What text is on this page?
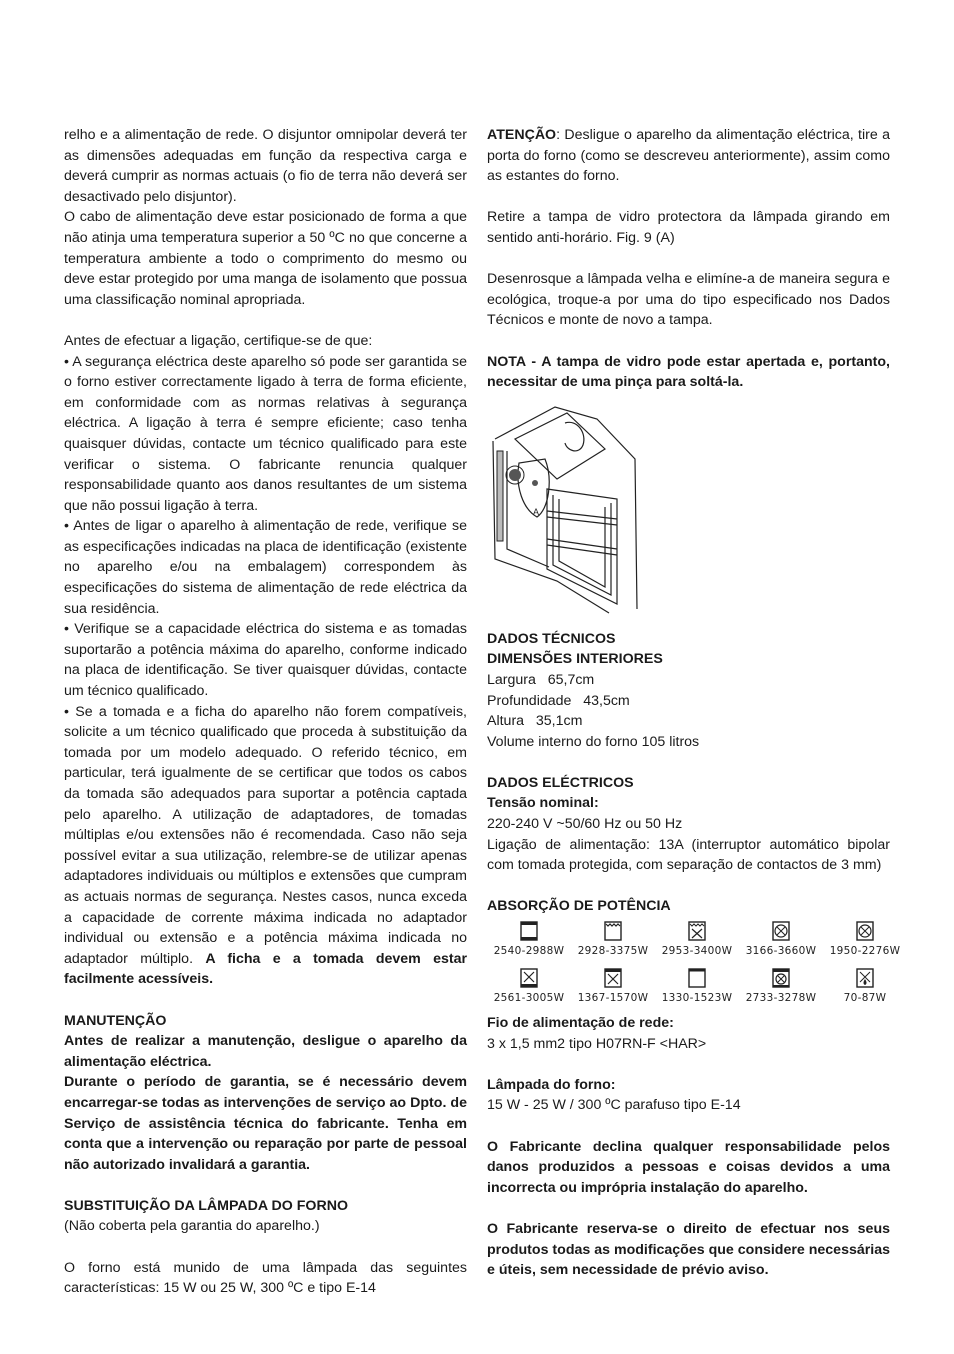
relho e a alimentação de rede. O disjuntor omnipolar deverá ter as dimensões adequadas em função da respectiva carga e deverá cumprir as normas actuais (o fio de terra não deverá ser desactivado pelo disjuntor).

O cabo de alimentação deve estar posicionado de forma a que não atinja uma temperatura superior a 50 ºC no que concerne a temperatura ambiente a todo o comprimento do mesmo ou deve estar protegido por uma manga de isolamento que possua uma classificação nominal apropriada.

Antes de efectuar a ligação, certifique-se de que:

• A segurança eléctrica deste aparelho só pode ser garantida se o forno estiver correctamente ligado à terra de forma eficiente, em conformidade com as normas relativas à segurança eléctrica. A ligação à terra é sempre eficiente; caso tenha quaisquer dúvidas, contacte um técnico qualificado para este verificar o sistema. O fabricante renuncia qualquer responsabilidade quanto aos danos resultantes de um sistema que não possui ligação à terra.

• Antes de ligar o aparelho à alimentação de rede, verifique se as especificações indicadas na placa de identificação (existente no aparelho e/ou na embalagem) correspondem às especificações do sistema de alimentação de rede eléctrica da sua residência.

• Verifique se a capacidade eléctrica do sistema e as tomadas suportarão a potência máxima do aparelho, conforme indicado na placa de identificação. Se tiver quaisquer dúvidas, contacte um técnico qualificado.

• Se a tomada e a ficha do aparelho não forem compatíveis, solicite a um técnico qualificado que proceda à substituição da tomada por um modelo adequado. O referido técnico, em particular, terá igualmente de se certificar que todos os cabos da tomada são adequados para suportar a potência captada pelo aparelho. A utilização de adaptadores, de tomadas múltiplas e/ou extensões não é recomendada. Caso não seja possível evitar a sua utilização, relembre-se de utilizar apenas adaptadores individuais ou múltiplos e extensões que cumpram as actuais normas de segurança. Nestes casos, nunca exceda a capacidade de corrente máxima indicada no adaptador individual ou extensão e a potência máxima indicada no adaptador múltiplo. A ficha e a tomada devem estar facilmente acessíveis.

MANUTENÇÃO

Antes de realizar a manutenção, desligue o aparelho da alimentação eléctrica.

Durante o período de garantia, se é necessário devem encarregar-se todas as intervenções de serviço ao Dpto. de Serviço de assistência técnica do fabricante. Tenha em conta que a intervenção ou reparação por parte de pessoal não autorizado invalidará a garantia.

SUBSTITUIÇÃO DA LÂMPADA DO FORNO

(Não coberta pela garantia do aparelho.)

O forno está munido de uma lâmpada das seguintes características: 15 W ou 25 W, 300 ºC e tipo E-14

ATENÇÃO: Desligue o aparelho da alimentação eléctrica, tire a porta do forno (como se descreveu anteriormente), assim como as estantes do forno.

Retire a tampa de vidro protectora da lâmpada girando em sentido anti-horário. Fig. 9 (A)

Desenrosque a lâmpada velha e elimíne-a de maneira segura e ecológica, troque-a por uma do tipo especificado nos Dados Técnicos e monte de novo a tampa.

NOTA - A tampa de vidro pode estar apertada e, portanto, necessitar de uma pinça para soltá-la.

A

DADOS TÉCNICOS

DIMENSÕES INTERIORES

Largura   65,7cm

Profundidade   43,5cm

Altura   35,1cm

Volume interno do forno 105 litros

DADOS ELÉCTRICOS

Tensão nominal:

220-240 V ~50/60 Hz ou 50 Hz

Ligação de alimentação: 13A (interruptor automático bipolar com tomada protegida, com separação de contactos de 3 mm)

ABSORÇÃO DE POTÊNCIA

2540-2988W	2928-3375W	2953-3400W	3166-3660W	1950-2276W
2561-3005W	1367-1570W	1330-1523W	2733-3278W	70-87W

Fio de alimentação de rede:

3 x 1,5 mm2 tipo H07RN-F <HAR>

Lâmpada do forno:

15 W - 25 W / 300 ºC parafuso tipo E-14

O Fabricante declina qualquer responsabilidade pelos danos produzidos a pessoas e coisas devidos a uma incorrecta ou imprópria instalação do aparelho.

O Fabricante reserva-se o direito de efectuar nos seus produtos todas as modificações que considere necessárias e úteis, sem necessidade de prévio aviso.
